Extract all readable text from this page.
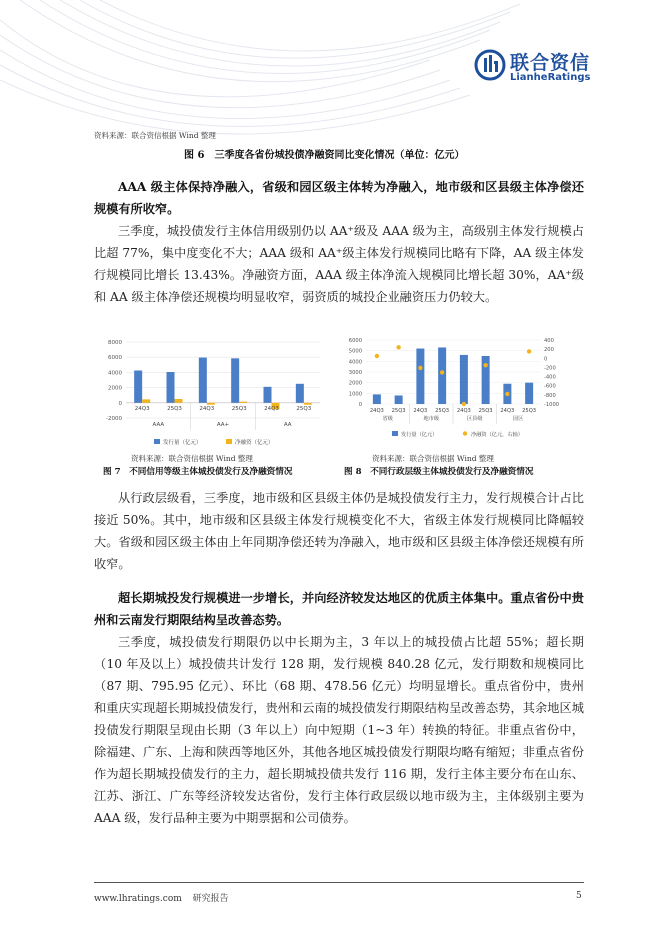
联合资信
LianheRatings
资料来源：联合资信根据 Wind 整理
图 6　三季度各省份城投债净融资同比变化情况（单位：亿元）

AAA 级主体保持净融入，省级和园区级主体转为净融入，地市级和区县级主体净偿还规模有所收窄。

三季度，城投债发行主体信用级别仍以 AA⁺级及 AAA 级为主，高级别主体发行规模占比超 77%，集中度变化不大；AAA 级和 AA⁺级主体发行规模同比略有下降，AA 级主体发行规模同比增长 13.43%。净融资方面，AAA 级主体净流入规模同比增长超 30%，AA⁺级和 AA 级主体净偿还规模均明显收窄，弱资质的城投企业融资压力仍较大。

8000
6000
4000
2000
0
-2000
24Q3	25Q3	24Q3	25Q3	24Q3	25Q3
AAA	AA+	AA
发行量（亿元）	净融资（亿元）
6000
5000
4000
3000
2000
1000
0
400
200
0
-200
-400
-600
-800
-1000
24Q3 25Q3 24Q3 25Q3 24Q3 25Q3 24Q3 25Q3
省级	地市级	区县级	园区
发行量（亿元）	净融资（亿元，右轴）
资料来源：联合资信根据 Wind 整理	资料来源：联合资信根据 Wind 整理
图 7　不同信用等级主体城投债发行及净融资情况	图 8　不同行政层级主体城投债发行及净融资情况

从行政层级看，三季度，地市级和区县级主体仍是城投债发行主力，发行规模合计占比接近 50%。其中，地市级和区县级主体发行规模变化不大，省级主体发行规模同比降幅较大。省级和园区级主体由上年同期净偿还转为净融入，地市级和区县级主体净偿还规模有所收窄。

超长期城投发行规模进一步增长，并向经济较发达地区的优质主体集中。重点省份中贵州和云南发行期限结构呈改善态势。

三季度，城投债发行期限仍以中长期为主，3 年以上的城投债占比超 55%；超长期（10 年及以上）城投债共计发行 128 期，发行规模 840.28 亿元，发行期数和规模同比（87 期、795.95 亿元）、环比（68 期、478.56 亿元）均明显增长。重点省份中，贵州和重庆实现超长期城投债发行，贵州和云南的城投债发行期限结构呈改善态势，其余地区城投债发行期限呈现由长期（3 年以上）向中短期（1~3 年）转换的特征。非重点省份中，除福建、广东、上海和陕西等地区外，其他各地区城投债发行期限均略有缩短；非重点省份作为超长期城投债发行的主力，超长期城投债共发行 116 期，发行主体主要分布在山东、江苏、浙江、广东等经济较发达省份，发行主体行政层级以地市级为主，主体级别主要为 AAA 级，发行品种主要为中期票据和公司债券。

www.lhratings.com 研究报告	5
